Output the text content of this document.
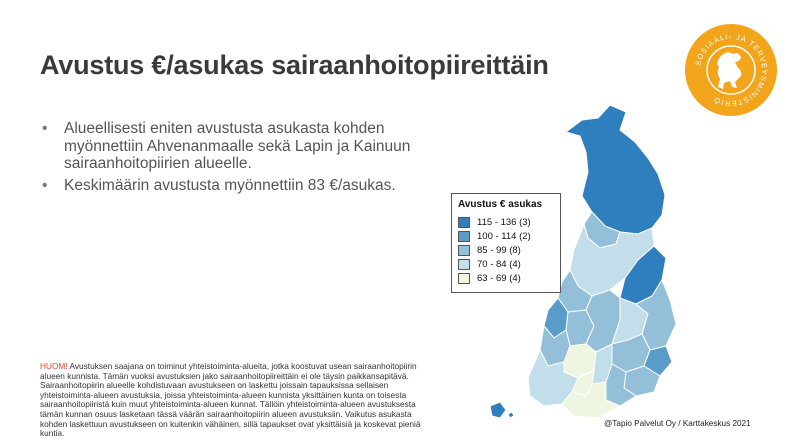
Avustus €/asukas sairaanhoitopiireittäin	SOSIAALI- JA TERVEYSMINISTERIÖ
• Alueellisesti eniten avustusta asukasta kohden myönnettiin Ahvenanmaalle sekä Lapin ja Kainuun sairaanhoitopiirien alueelle.
• Keskimäärin avustusta myönnettiin 83 €/asukas.
HUOM! Avustuksen saajana on toiminut yhteistoiminta-alueita, jotka koostuvat usean sairaanhoitopiirin alueen kunnista. Tämän vuoksi avustuksien jako sairaanhoitopiireittäin ei ole täysin paikkansapitävä. Sairaanhoitopiirin alueelle kohdistuvaan avustukseen on laskettu joissain tapauksissa sellaisen yhteistoiminta-alueen avustuksia, joissa yhteistoiminta-alueen kunnista yksittäinen kunta on toisesta sairaanhoitopiiristä kuin muut yhteistoiminta-alueen kunnat. Tällöin yhteistoiminta-alueen avustuksesta tämän kunnan osuus lasketaan tässä väärän sairaanhoitopiirin alueen avustuksiin. Vaikutus asukasta kohden laskettuun avustukseen on kuitenkin vähäinen, sillä tapaukset ovat yksittäisiä ja koskevat pieniä kuntia.
Avustus € asukas
115 - 136 (3)
100 - 114 (2)
85 - 99 (8)
70 - 84 (4)
63 - 69 (4)
@Tapio Palvelut Oy / Karttakeskus 2021
